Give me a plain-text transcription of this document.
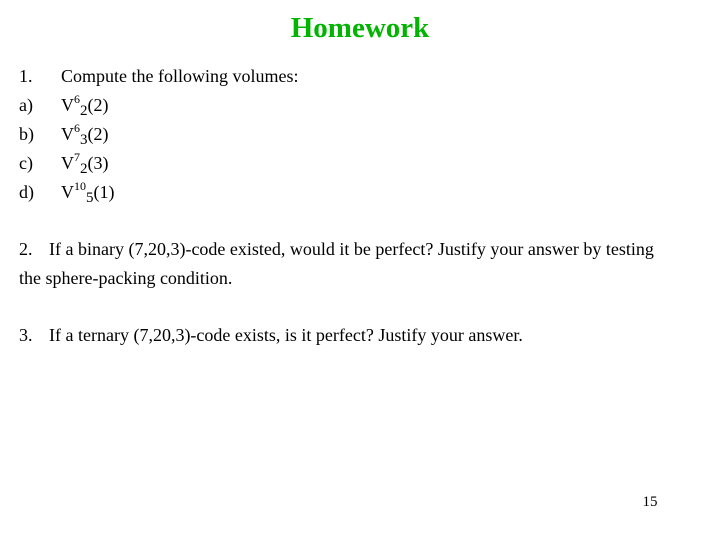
Homework
1. Compute the following volumes:
a) $V^6_2(2)$
b) $V^6_3(2)$
c) $V^7_2(3)$
d) $V^{10}_5(1)$

2. If a binary (7,20,3)-code existed, would it be perfect? Justify your answer by testing the sphere-packing condition.

3. If a ternary (7,20,3)-code exists, is it perfect? Justify your answer.

15
